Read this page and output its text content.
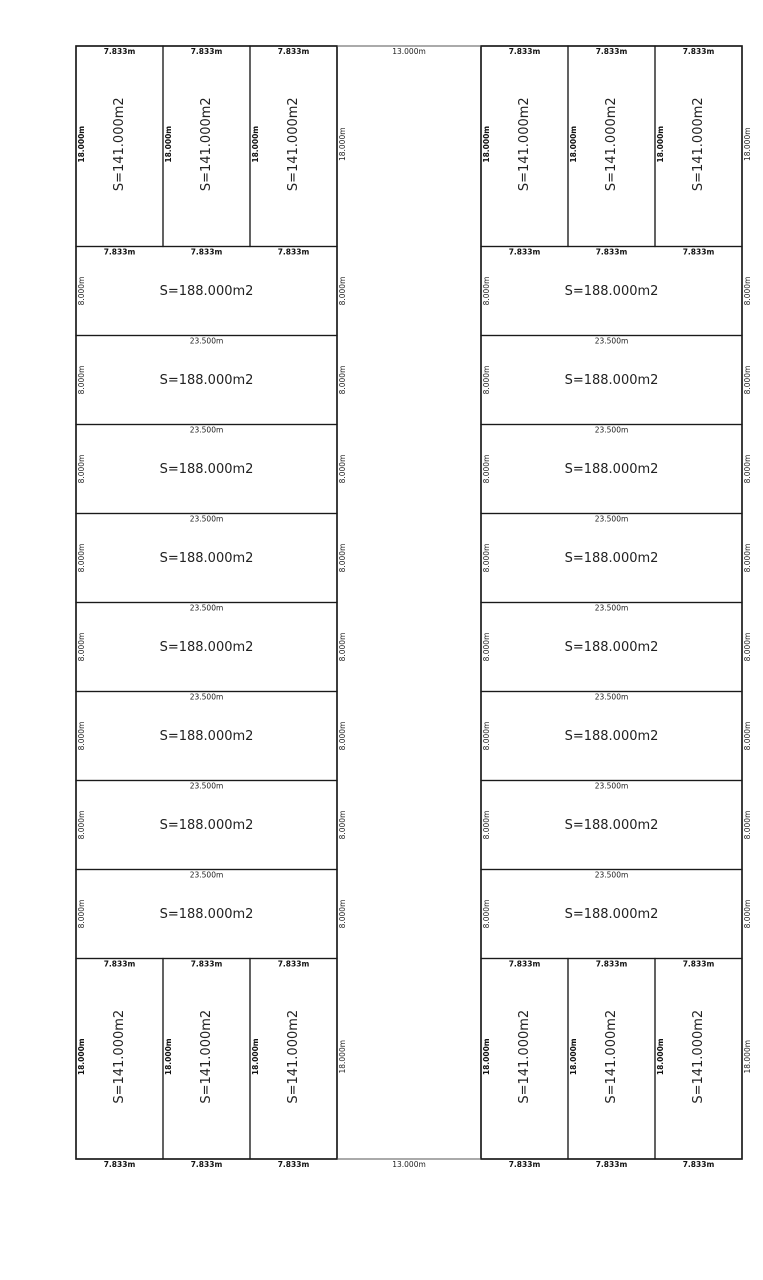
S=141.000m2
7.833m
18.000m	S=141.000m2
7.833m
18.000m	S=141.000m2
7.833m
18.000m	18.000m
S=188.000m2
8.000m	8.000m
7.833m	7.833m	7.833m
S=188.000m2
8.000m	8.000m
23.500m
S=188.000m2
8.000m	8.000m
23.500m
S=188.000m2
8.000m	8.000m
23.500m
S=188.000m2
8.000m	8.000m
23.500m
S=188.000m2
8.000m	8.000m
23.500m
S=188.000m2
8.000m	8.000m
23.500m
S=188.000m2
8.000m	8.000m
23.500m
S=141.000m2
7.833m
18.000m
7.833m
S=141.000m2
7.833m
18.000m
7.833m
S=141.000m2
7.833m
18.000m
7.833m
18.000m
S=141.000m2
7.833m
18.000m	S=141.000m2
7.833m
18.000m	S=141.000m2
7.833m
18.000m	18.000m
S=188.000m2
8.000m	8.000m
7.833m	7.833m	7.833m
S=188.000m2
8.000m	8.000m
23.500m
S=188.000m2
8.000m	8.000m
23.500m
S=188.000m2
8.000m	8.000m
23.500m
S=188.000m2
8.000m	8.000m
23.500m
S=188.000m2
8.000m	8.000m
23.500m
S=188.000m2
8.000m	8.000m
23.500m
S=188.000m2
8.000m	8.000m
23.500m
S=141.000m2
7.833m
18.000m
7.833m
S=141.000m2
7.833m
18.000m
7.833m
S=141.000m2
7.833m
18.000m
7.833m
18.000m
13.000m
13.000m
